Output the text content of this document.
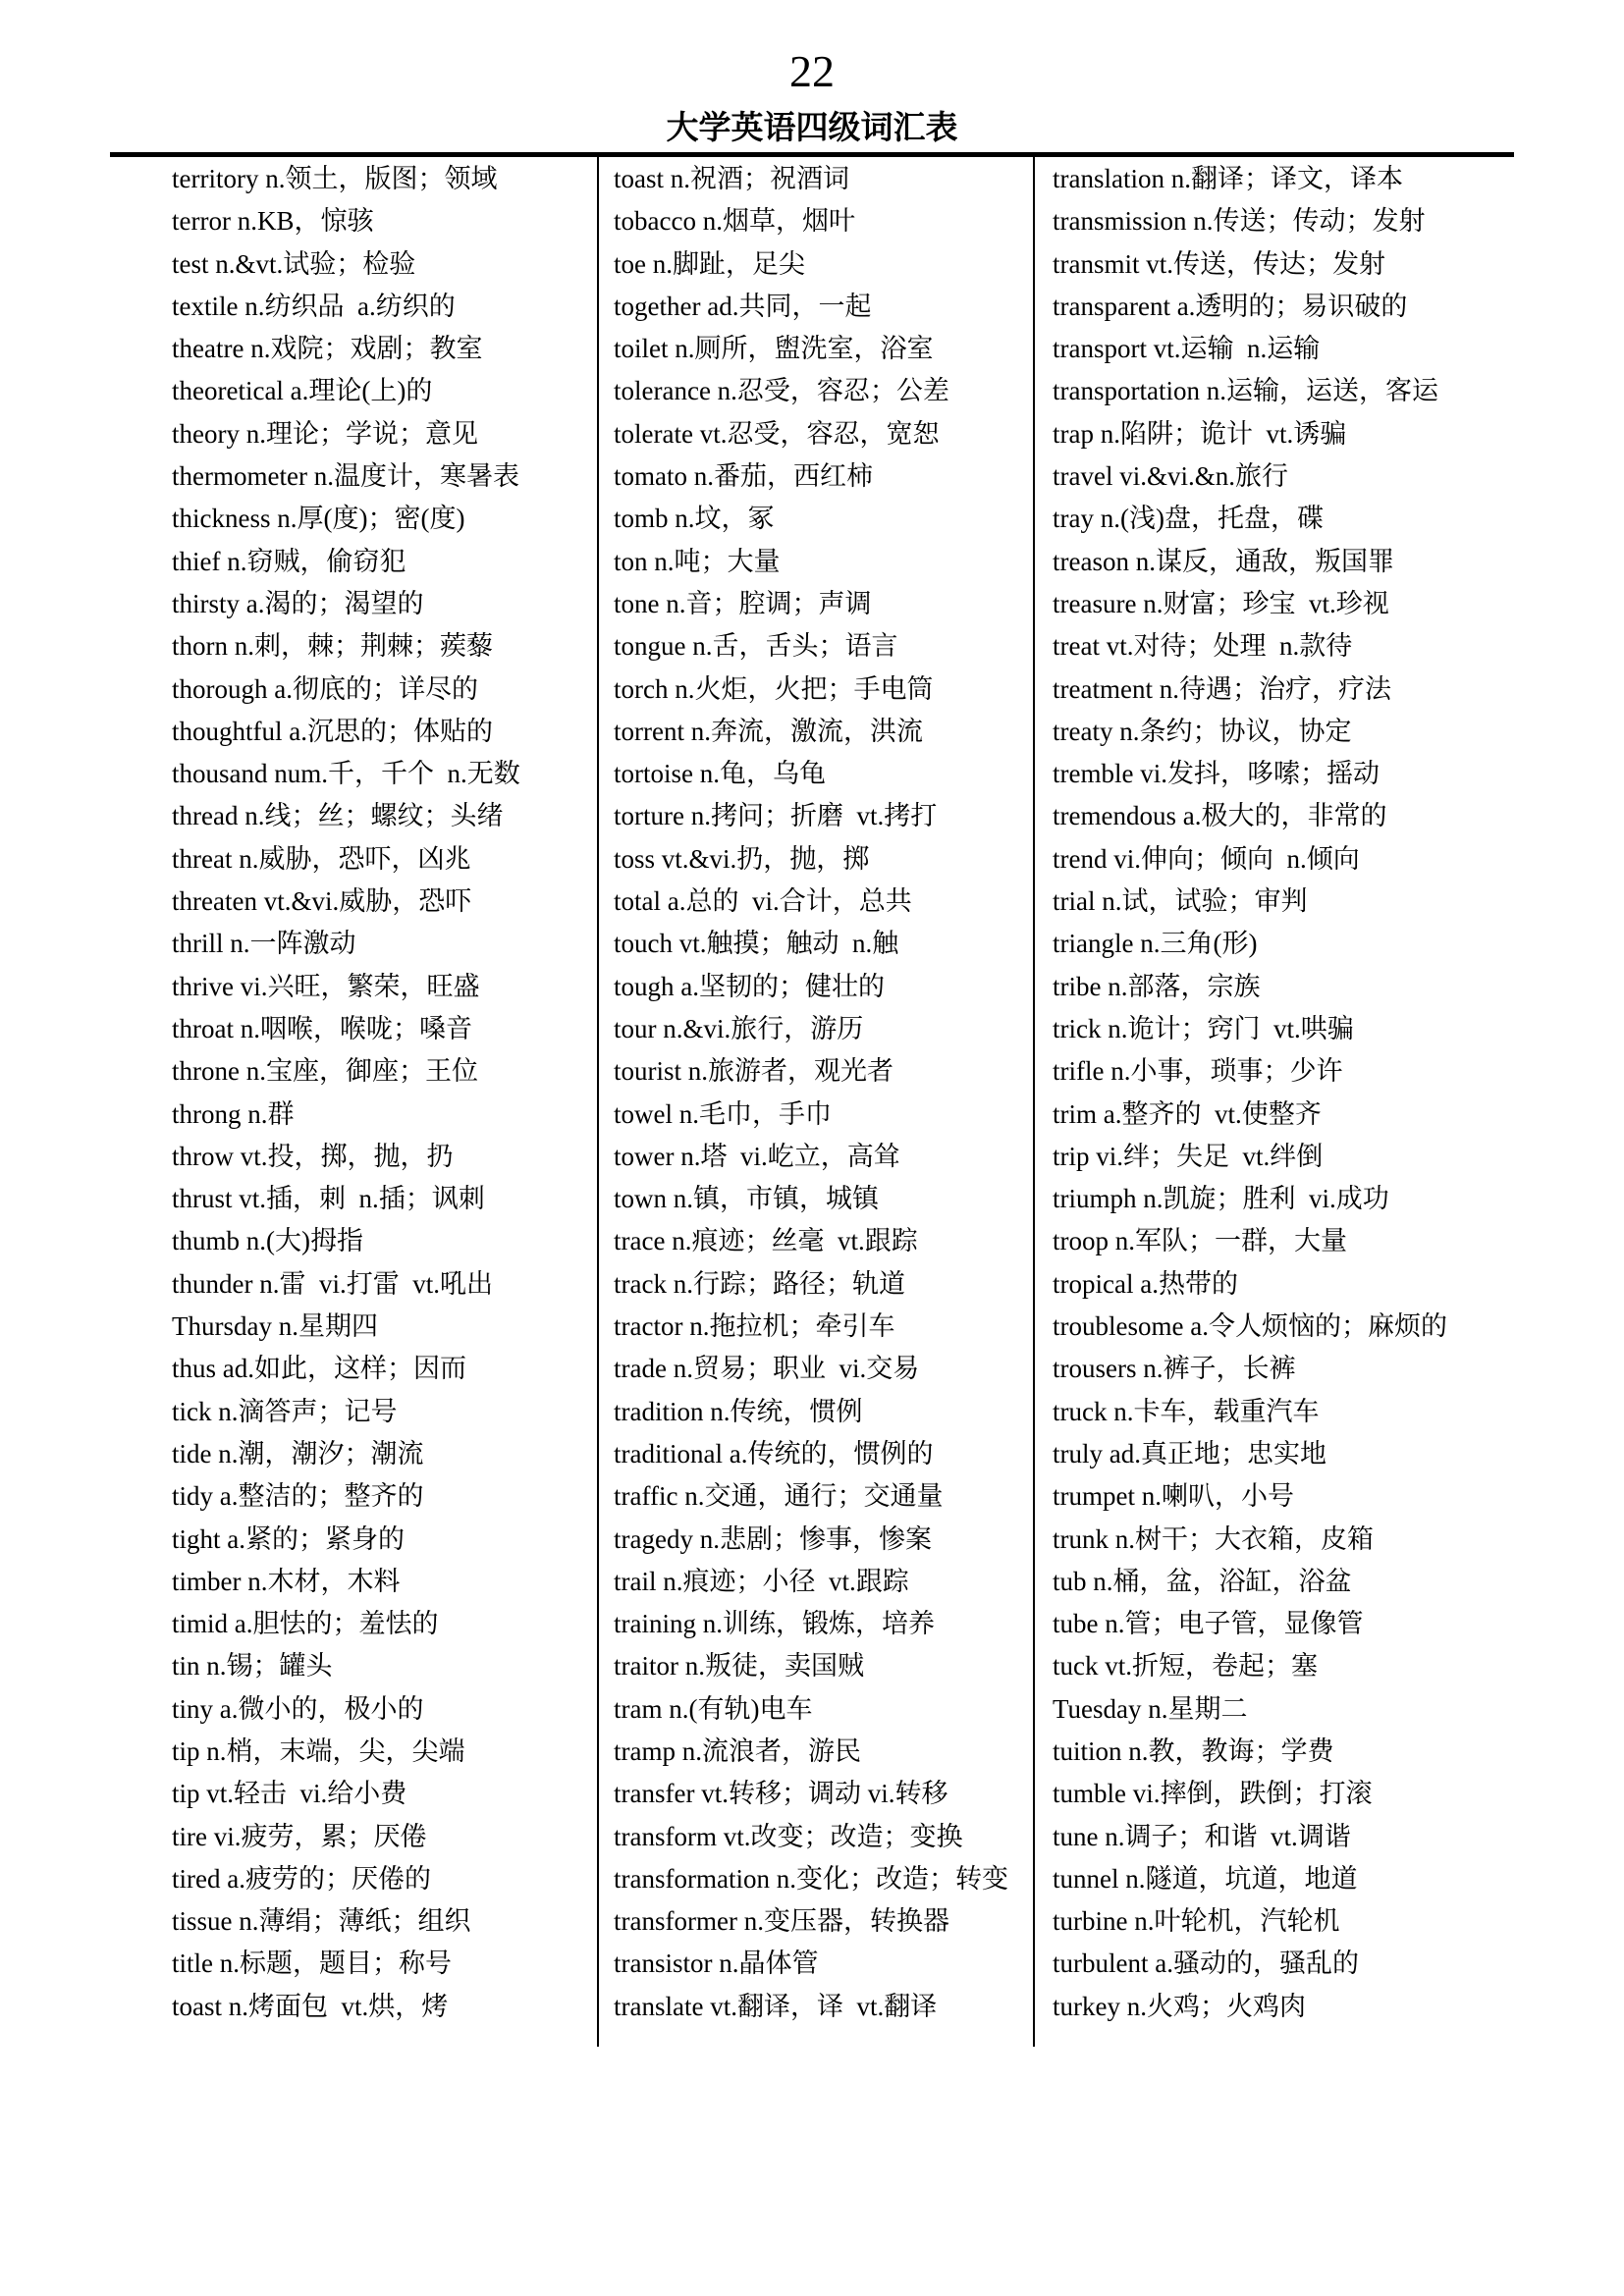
22
大学英语四级词汇表
territory n.领土，版图；领域
terror n.KB，惊骇
test n.&vt.试验；检验
textile n.纺织品  a.纺织的
theatre n.戏院；戏剧；教室
theoretical a.理论(上)的
theory n.理论；学说；意见
thermometer n.温度计，寒暑表
thickness n.厚(度)；密(度)
thief n.窃贼，偷窃犯
thirsty a.渴的；渴望的
thorn n.刺，棘；荆棘；蒺藜
thorough a.彻底的；详尽的
thoughtful a.沉思的；体贴的
thousand num.千，千个  n.无数
thread n.线；丝；螺纹；头绪
threat n.威胁，恐吓，凶兆
threaten vt.&vi.威胁，恐吓
thrill n.一阵激动
thrive vi.兴旺，繁荣，旺盛
throat n.咽喉，喉咙；嗓音
throne n.宝座，御座；王位
throng n.群
throw vt.投，掷，抛，扔
thrust vt.插，刺  n.插；讽刺
thumb n.(大)拇指
thunder n.雷  vi.打雷  vt.吼出
Thursday n.星期四
thus ad.如此，这样；因而
tick n.滴答声；记号
tide n.潮，潮汐；潮流
tidy a.整洁的；整齐的
tight a.紧的；紧身的
timber n.木材，木料
timid a.胆怯的；羞怯的
tin n.锡；罐头
tiny a.微小的，极小的
tip n.梢，末端，尖，尖端
tip vt.轻击  vi.给小费
tire vi.疲劳，累；厌倦
tired a.疲劳的；厌倦的
tissue n.薄绢；薄纸；组织
title n.标题，题目；称号
toast n.烤面包  vt.烘，烤
toast n.祝酒；祝酒词
tobacco n.烟草，烟叶
toe n.脚趾，足尖
together ad.共同，一起
toilet n.厕所，盥洗室，浴室
tolerance n.忍受，容忍；公差
tolerate vt.忍受，容忍，宽恕
tomato n.番茄，西红柿
tomb n.坟，冢
ton n.吨；大量
tone n.音；腔调；声调
tongue n.舌，舌头；语言
torch n.火炬，火把；手电筒
torrent n.奔流，激流，洪流
tortoise n.龟，乌龟
torture n.拷问；折磨  vt.拷打
toss vt.&vi.扔，抛，掷
total a.总的  vi.合计，总共
touch vt.触摸；触动  n.触
tough a.坚韧的；健壮的
tour n.&vi.旅行，游历
tourist n.旅游者，观光者
towel n.毛巾，手巾
tower n.塔  vi.屹立，高耸
town n.镇，市镇，城镇
trace n.痕迹；丝毫  vt.跟踪
track n.行踪；路径；轨道
tractor n.拖拉机；牵引车
trade n.贸易；职业  vi.交易
tradition n.传统，惯例
traditional a.传统的，惯例的
traffic n.交通，通行；交通量
tragedy n.悲剧；惨事，惨案
trail n.痕迹；小径  vt.跟踪
training n.训练，锻炼，培养
traitor n.叛徒，卖国贼
tram n.(有轨)电车
tramp n.流浪者，游民
transfer vt.转移；调动 vi.转移
transform vt.改变；改造；变换
transformation n.变化；改造；转变
transformer n.变压器，转换器
transistor n.晶体管
translate vt.翻译，译  vt.翻译
translation n.翻译；译文，译本
transmission n.传送；传动；发射
transmit vt.传送，传达；发射
transparent a.透明的；易识破的
transport vt.运输  n.运输
transportation n.运输，运送，客运
trap n.陷阱；诡计  vt.诱骗
travel vi.&vi.&n.旅行
tray n.(浅)盘，托盘，碟
treason n.谋反，通敌，叛国罪
treasure n.财富；珍宝  vt.珍视
treat vt.对待；处理  n.款待
treatment n.待遇；治疗，疗法
treaty n.条约；协议，协定
tremble vi.发抖，哆嗦；摇动
tremendous a.极大的，非常的
trend vi.伸向；倾向  n.倾向
trial n.试，试验；审判
triangle n.三角(形)
tribe n.部落，宗族
trick n.诡计；窍门  vt.哄骗
trifle n.小事，琐事；少许
trim a.整齐的  vt.使整齐
trip vi.绊；失足  vt.绊倒
triumph n.凯旋；胜利  vi.成功
troop n.军队；一群，大量
tropical a.热带的
troublesome a.令人烦恼的；麻烦的
trousers n.裤子，长裤
truck n.卡车，载重汽车
truly ad.真正地；忠实地
trumpet n.喇叭，小号
trunk n.树干；大衣箱，皮箱
tub n.桶，盆，浴缸，浴盆
tube n.管；电子管，显像管
tuck vt.折短，卷起；塞
Tuesday n.星期二
tuition n.教，教诲；学费
tumble vi.摔倒，跌倒；打滚
tune n.调子；和谐  vt.调谐
tunnel n.隧道，坑道，地道
turbine n.叶轮机，汽轮机
turbulent a.骚动的，骚乱的
turkey n.火鸡；火鸡肉
